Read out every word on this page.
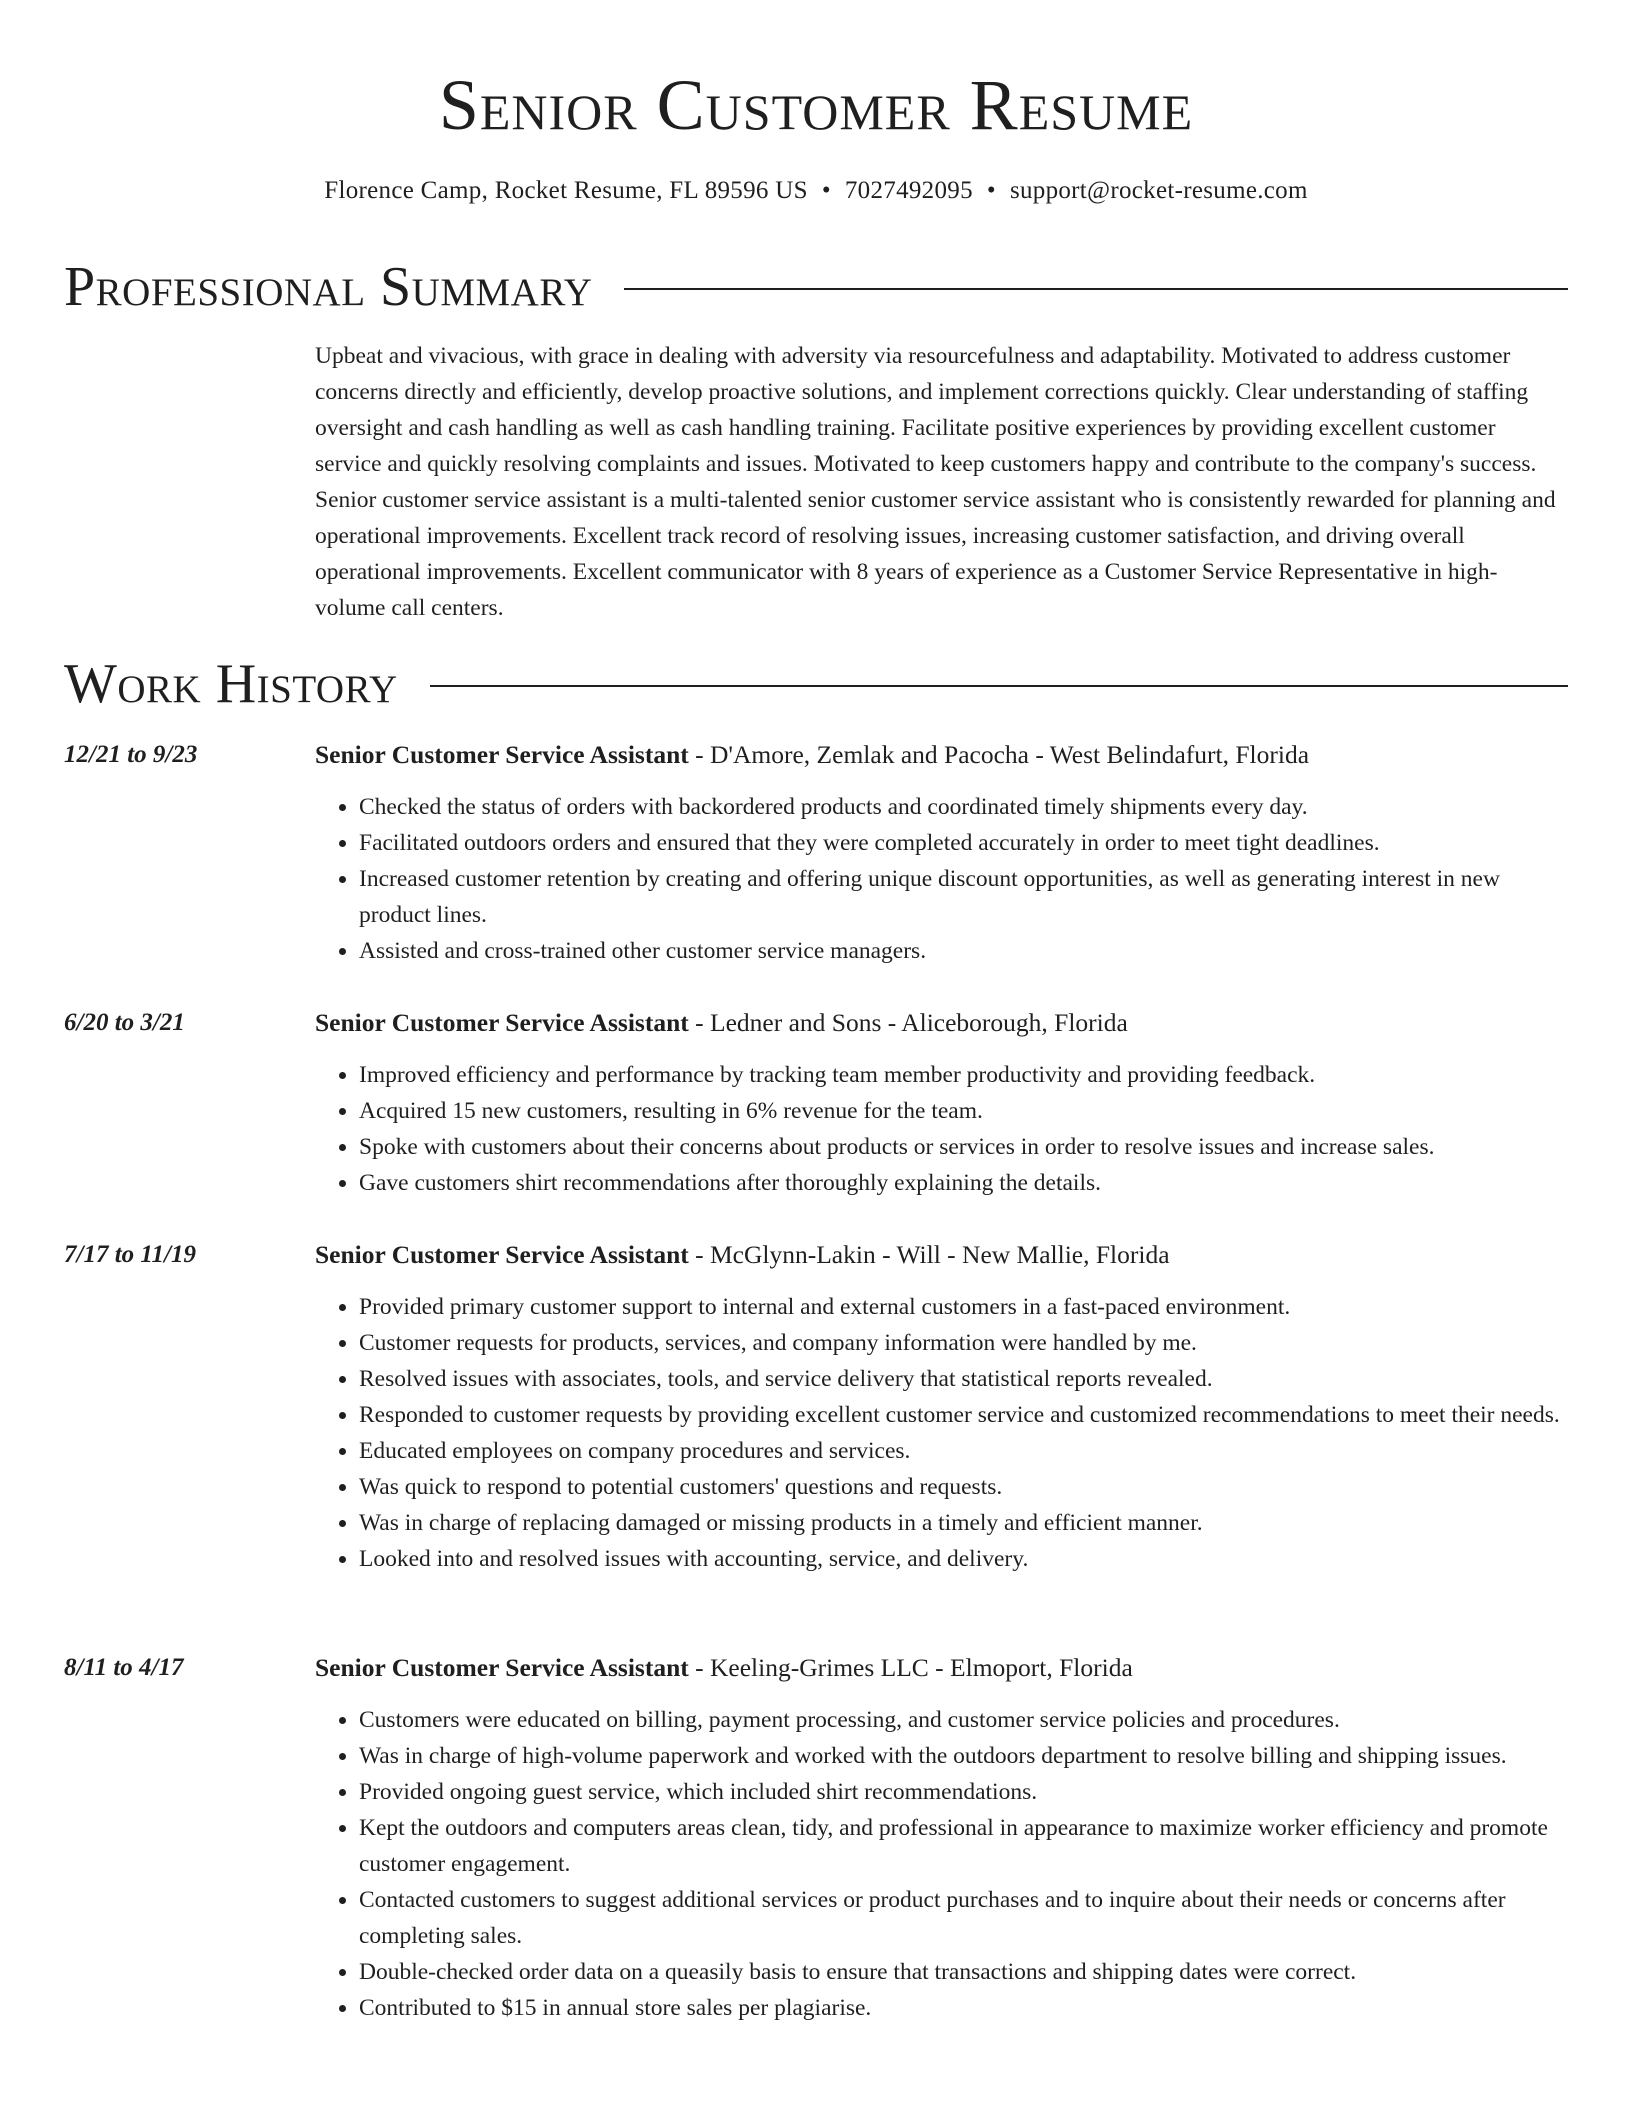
Senior Customer Resume
Florence Camp, Rocket Resume, FL 89596 US • 7027492095 • support@rocket-resume.com
Professional Summary

Upbeat and vivacious, with grace in dealing with adversity via resourcefulness and adaptability. Motivated to address customer concerns directly and efficiently, develop proactive solutions, and implement corrections quickly. Clear understanding of staffing oversight and cash handling as well as cash handling training. Facilitate positive experiences by providing excellent customer service and quickly resolving complaints and issues. Motivated to keep customers happy and contribute to the company's success. Senior customer service assistant is a multi-talented senior customer service assistant who is consistently rewarded for planning and operational improvements. Excellent track record of resolving issues, increasing customer satisfaction, and driving overall operational improvements. Excellent communicator with 8 years of experience as a Customer Service Representative in high-volume call centers.

Work History
12/21 to 9/23	Senior Customer Service Assistant - D'Amore, Zemlak and Pacocha - West Belindafurt, Florida
• Checked the status of orders with backordered products and coordinated timely shipments every day.
• Facilitated outdoors orders and ensured that they were completed accurately in order to meet tight deadlines.
• Increased customer retention by creating and offering unique discount opportunities, as well as generating interest in new product lines.
• Assisted and cross-trained other customer service managers.
6/20 to 3/21	Senior Customer Service Assistant - Ledner and Sons - Aliceborough, Florida
• Improved efficiency and performance by tracking team member productivity and providing feedback.
• Acquired 15 new customers, resulting in 6% revenue for the team.
• Spoke with customers about their concerns about products or services in order to resolve issues and increase sales.
• Gave customers shirt recommendations after thoroughly explaining the details.
7/17 to 11/19	Senior Customer Service Assistant - McGlynn-Lakin - Will - New Mallie, Florida
• Provided primary customer support to internal and external customers in a fast-paced environment.
• Customer requests for products, services, and company information were handled by me.
• Resolved issues with associates, tools, and service delivery that statistical reports revealed.
• Responded to customer requests by providing excellent customer service and customized recommendations to meet their needs.
• Educated employees on company procedures and services.
• Was quick to respond to potential customers' questions and requests.
• Was in charge of replacing damaged or missing products in a timely and efficient manner.
• Looked into and resolved issues with accounting, service, and delivery.
8/11 to 4/17	Senior Customer Service Assistant - Keeling-Grimes LLC - Elmoport, Florida
• Customers were educated on billing, payment processing, and customer service policies and procedures.
• Was in charge of high-volume paperwork and worked with the outdoors department to resolve billing and shipping issues.
• Provided ongoing guest service, which included shirt recommendations.
• Kept the outdoors and computers areas clean, tidy, and professional in appearance to maximize worker efficiency and promote customer engagement.
• Contacted customers to suggest additional services or product purchases and to inquire about their needs or concerns after completing sales.
• Double-checked order data on a queasily basis to ensure that transactions and shipping dates were correct.
• Contributed to $15 in annual store sales per plagiarise.
